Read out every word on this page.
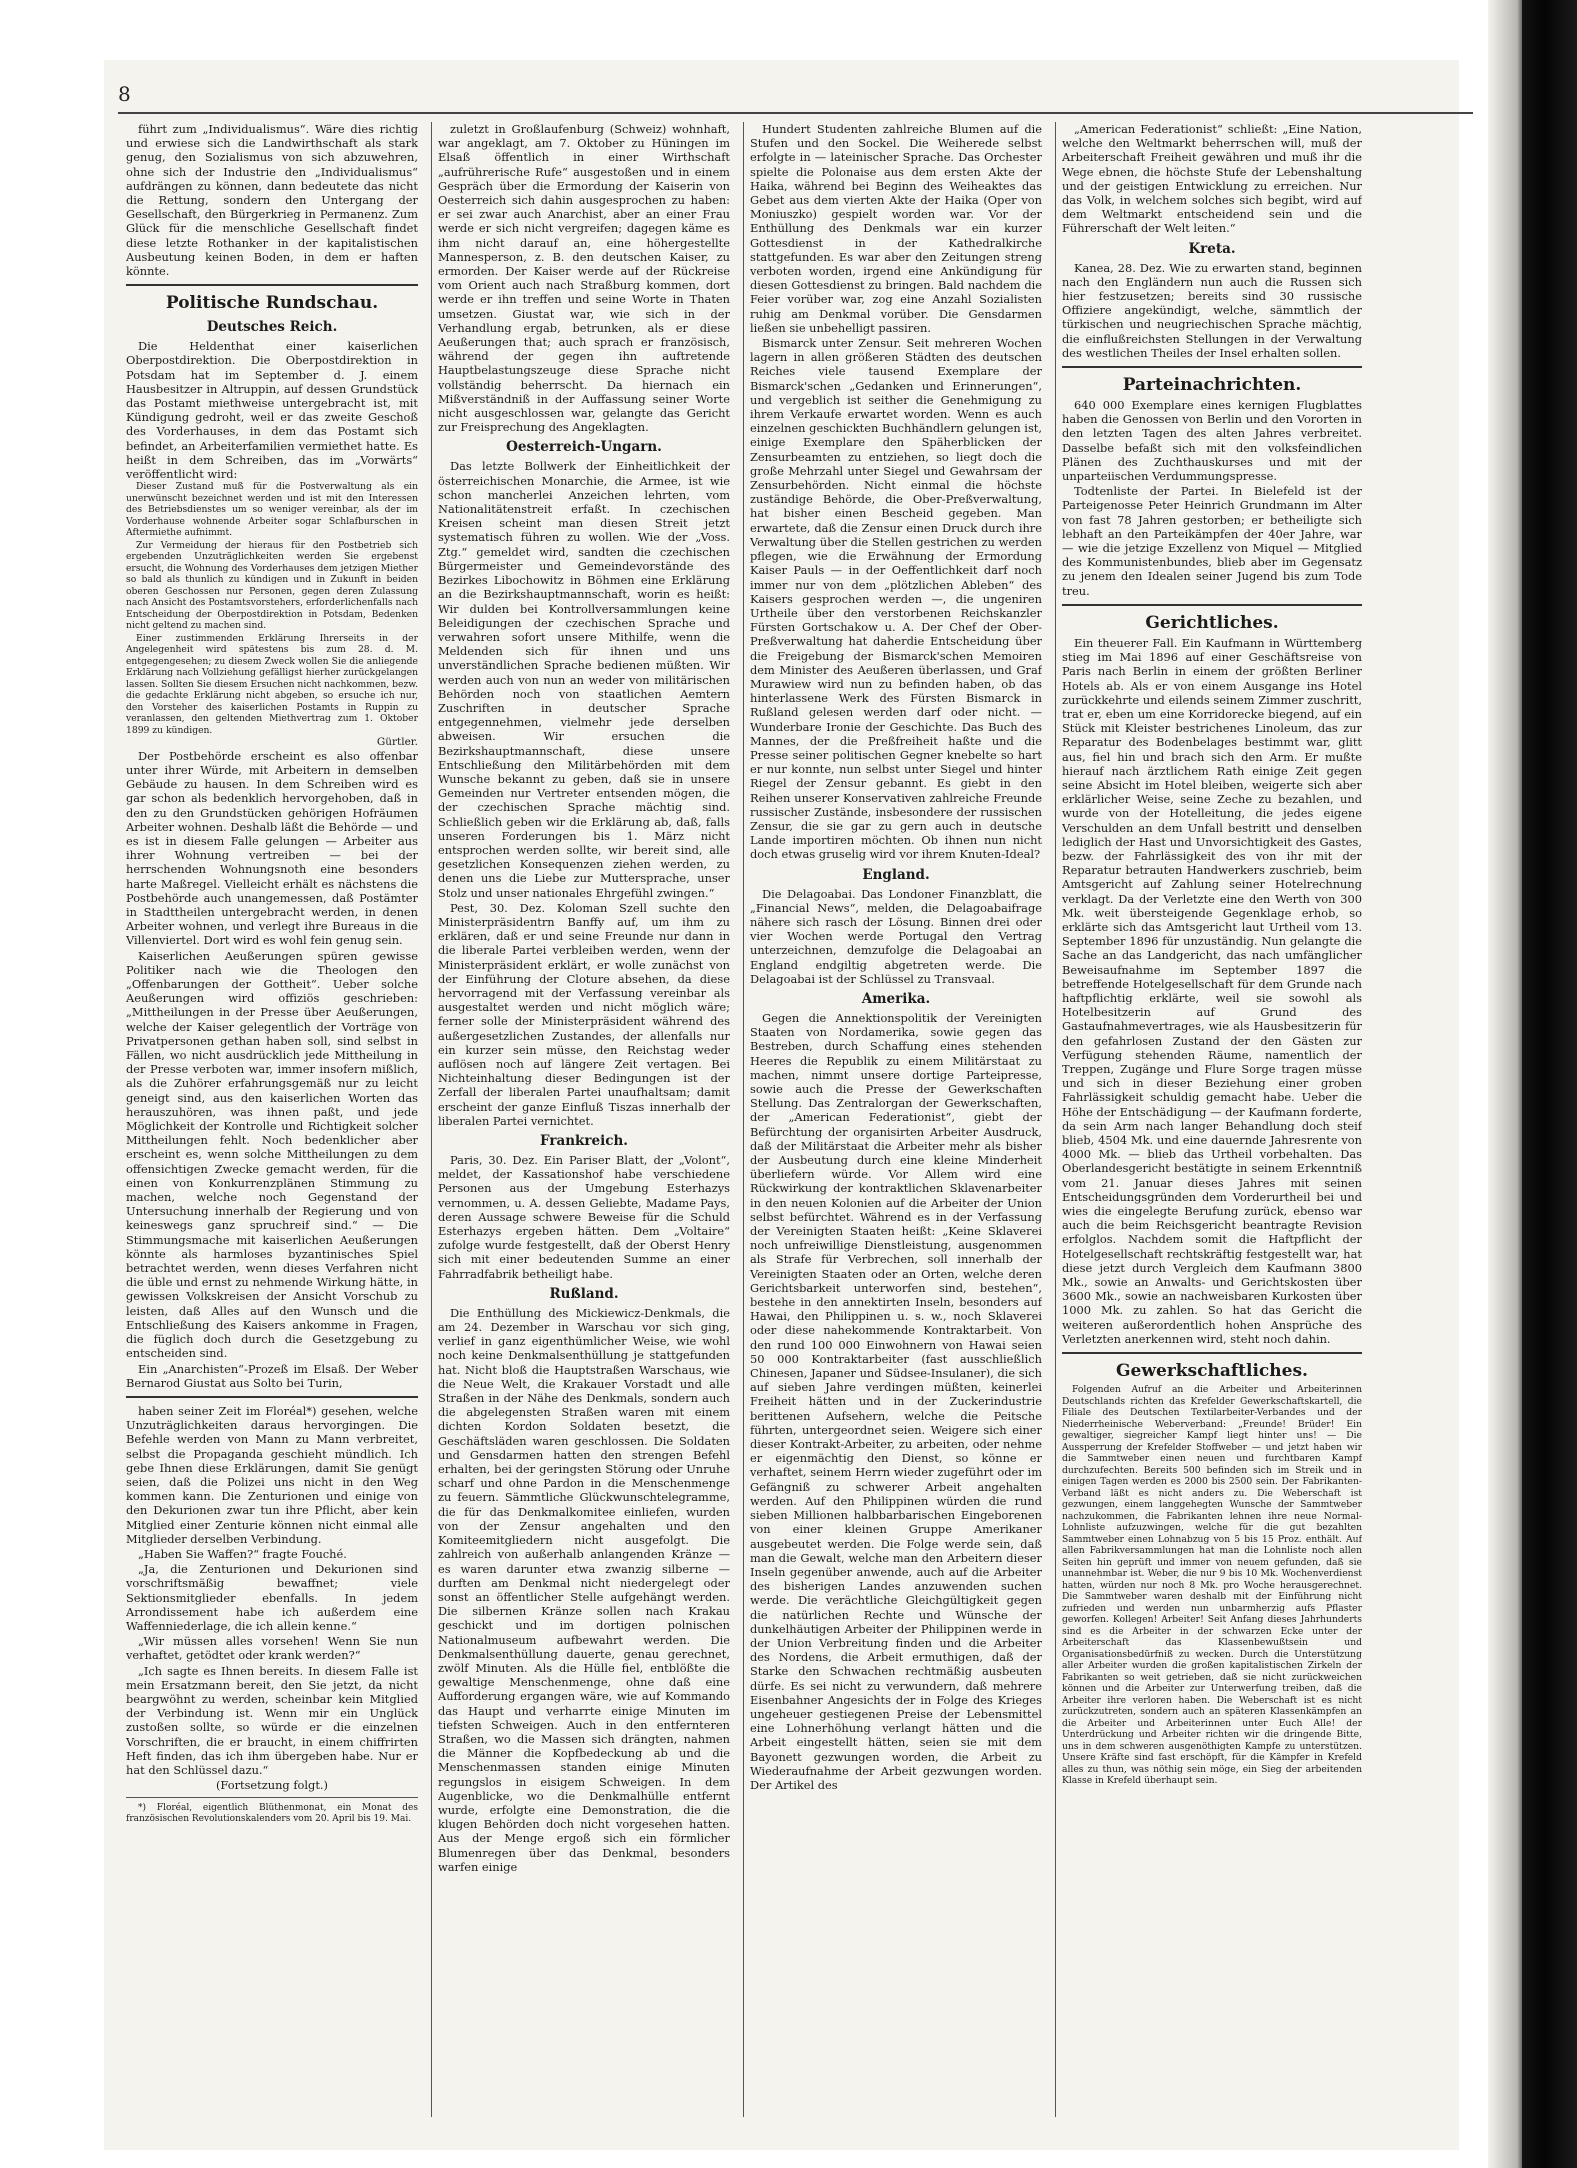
8

führt zum „Individualismus“. Wäre dies richtig und erwiese sich die Landwirthschaft als stark genug, den Sozialismus von sich abzuwehren, ohne sich der Industrie den „Individualismus“ aufdrängen zu können, dann bedeutete das nicht die Rettung, sondern den Untergang der Gesellschaft, den Bürgerkrieg in Permanenz. Zum Glück für die menschliche Gesellschaft findet diese letzte Rothanker in der kapitalistischen Ausbeutung keinen Boden, in dem er haften könnte.

Politische Rundschau.
Deutsches Reich.

Die Heldenthat einer kaiserlichen Oberpostdirektion. Die Oberpostdirektion in Potsdam hat im September d. J. einem Hausbesitzer in Altruppin, auf dessen Grundstück das Postamt miethweise untergebracht ist, mit Kündigung gedroht, weil er das zweite Geschoß des Vorderhauses, in dem das Postamt sich befindet, an Arbeiterfamilien vermiethet hatte. Es heißt in dem Schreiben, das im „Vorwärts“ veröffentlicht wird:

Dieser Zustand muß für die Postverwaltung als ein unerwünscht bezeichnet werden und ist mit den Interessen des Betriebsdienstes um so weniger vereinbar, als der im Vorderhause wohnende Arbeiter sogar Schlafburschen in Aftermiethe aufnimmt.

Zur Vermeidung der hieraus für den Postbetrieb sich ergebenden Unzuträglichkeiten werden Sie ergebenst ersucht, die Wohnung des Vorderhauses dem jetzigen Miether so bald als thunlich zu kündigen und in Zukunft in beiden oberen Geschossen nur Personen, gegen deren Zulassung nach Ansicht des Postamtsvorstehers, erforderlichenfalls nach Entscheidung der Oberpostdirektion in Potsdam, Bedenken nicht geltend zu machen sind.

Einer zustimmenden Erklärung Ihrerseits in der Angelegenheit wird spätestens bis zum 28. d. M. entgegengesehen; zu diesem Zweck wollen Sie die anliegende Erklärung nach Vollziehung gefälligst hierher zurückgelangen lassen. Sollten Sie diesem Ersuchen nicht nachkommen, bezw. die gedachte Erklärung nicht abgeben, so ersuche ich nur, den Vorsteher des kaiserlichen Postamts in Ruppin zu veranlassen, den geltenden Miethvertrag zum 1. Oktober 1899 zu kündigen.

Gürtler.

Der Postbehörde erscheint es also offenbar unter ihrer Würde, mit Arbeitern in demselben Gebäude zu hausen. In dem Schreiben wird es gar schon als bedenklich hervorgehoben, daß in den zu den Grundstücken gehörigen Hofräumen Arbeiter wohnen. Deshalb läßt die Behörde — und es ist in diesem Falle gelungen — Arbeiter aus ihrer Wohnung vertreiben — bei der herrschenden Wohnungsnoth eine besonders harte Maßregel. Vielleicht erhält es nächstens die Postbehörde auch unangemessen, daß Postämter in Stadttheilen untergebracht werden, in denen Arbeiter wohnen, und verlegt ihre Bureaus in die Villenviertel. Dort wird es wohl fein genug sein.

Kaiserlichen Aeußerungen spüren gewisse Politiker nach wie die Theologen den „Offenbarungen der Gottheit“. Ueber solche Aeußerungen wird offiziös geschrieben: „Mittheilungen in der Presse über Aeußerungen, welche der Kaiser gelegentlich der Vorträge von Privatpersonen gethan haben soll, sind selbst in Fällen, wo nicht ausdrücklich jede Mittheilung in der Presse verboten war, immer insofern mißlich, als die Zuhörer erfahrungsgemäß nur zu leicht geneigt sind, aus den kaiserlichen Worten das herauszuhören, was ihnen paßt, und jede Möglichkeit der Kontrolle und Richtigkeit solcher Mittheilungen fehlt. Noch bedenklicher aber erscheint es, wenn solche Mittheilungen zu dem offensichtigen Zwecke gemacht werden, für die einen von Konkurrenzplänen Stimmung zu machen, welche noch Gegenstand der Untersuchung innerhalb der Regierung und von keineswegs ganz spruchreif sind.“ — Die Stimmungsmache mit kaiserlichen Aeußerungen könnte als harmloses byzantinisches Spiel betrachtet werden, wenn dieses Verfahren nicht die üble und ernst zu nehmende Wirkung hätte, in gewissen Volkskreisen der Ansicht Vorschub zu leisten, daß Alles auf den Wunsch und die Entschließung des Kaisers ankomme in Fragen, die füglich doch durch die Gesetzgebung zu entscheiden sind.

Ein „Anarchisten“-Prozeß im Elsaß. Der Weber Bernarod Giustat aus Solto bei Turin,

haben seiner Zeit im Floréal*) gesehen, welche Unzuträglichkeiten daraus hervorgingen. Die Befehle werden von Mann zu Mann verbreitet, selbst die Propaganda geschieht mündlich. Ich gebe Ihnen diese Erklärungen, damit Sie genügt seien, daß die Polizei uns nicht in den Weg kommen kann. Die Zenturionen und einige von den Dekurionen zwar tun ihre Pflicht, aber kein Mitglied einer Zenturie können nicht einmal alle Mitglieder derselben Verbindung.

„Haben Sie Waffen?“ fragte Fouché.

„Ja, die Zenturionen und Dekurionen sind vorschriftsmäßig bewaffnet; viele Sektionsmitglieder ebenfalls. In jedem Arrondissement habe ich außerdem eine Waffenniederlage, die ich allein kenne.“

„Wir müssen alles vorsehen! Wenn Sie nun verhaftet, getödtet oder krank werden?“

„Ich sagte es Ihnen bereits. In diesem Falle ist mein Ersatzmann bereit, den Sie jetzt, da nicht beargwöhnt zu werden, scheinbar kein Mitglied der Verbindung ist. Wenn mir ein Unglück zustoßen sollte, so würde er die einzelnen Vorschriften, die er braucht, in einem chiffrirten Heft finden, das ich ihm übergeben habe. Nur er hat den Schlüssel dazu.“

(Fortsetzung folgt.)

*) Floréal, eigentlich Blüthenmonat, ein Monat des französischen Revolutionskalenders vom 20. April bis 19. Mai.

zuletzt in Großlaufenburg (Schweiz) wohnhaft, war angeklagt, am 7. Oktober zu Hüningen im Elsaß öffentlich in einer Wirthschaft „aufrührerische Rufe“ ausgestoßen und in einem Gespräch über die Ermordung der Kaiserin von Oesterreich sich dahin ausgesprochen zu haben: er sei zwar auch Anarchist, aber an einer Frau werde er sich nicht vergreifen; dagegen käme es ihm nicht darauf an, eine höhergestellte Mannesperson, z. B. den deutschen Kaiser, zu ermorden. Der Kaiser werde auf der Rückreise vom Orient auch nach Straßburg kommen, dort werde er ihn treffen und seine Worte in Thaten umsetzen. Giustat war, wie sich in der Verhandlung ergab, betrunken, als er diese Aeußerungen that; auch sprach er französisch, während der gegen ihn auftretende Hauptbelastungszeuge diese Sprache nicht vollständig beherrscht. Da hiernach ein Mißverständniß in der Auffassung seiner Worte nicht ausgeschlossen war, gelangte das Gericht zur Freisprechung des Angeklagten.

Oesterreich-Ungarn.

Das letzte Bollwerk der Einheitlichkeit der österreichischen Monarchie, die Armee, ist wie schon mancherlei Anzeichen lehrten, vom Nationalitätenstreit erfaßt. In czechischen Kreisen scheint man diesen Streit jetzt systematisch führen zu wollen. Wie der „Voss. Ztg.“ gemeldet wird, sandten die czechischen Bürgermeister und Gemeindevorstände des Bezirkes Libochowitz in Böhmen eine Erklärung an die Bezirkshauptmannschaft, worin es heißt: Wir dulden bei Kontrollversammlungen keine Beleidigungen der czechischen Sprache und verwahren sofort unsere Mithilfe, wenn die Meldenden sich für ihnen und uns unverständlichen Sprache bedienen müßten. Wir werden auch von nun an weder von militärischen Behörden noch von staatlichen Aemtern Zuschriften in deutscher Sprache entgegennehmen, vielmehr jede derselben abweisen. Wir ersuchen die Bezirkshauptmannschaft, diese unsere Entschließung den Militärbehörden mit dem Wunsche bekannt zu geben, daß sie in unsere Gemeinden nur Vertreter entsenden mögen, die der czechischen Sprache mächtig sind. Schließlich geben wir die Erklärung ab, daß, falls unseren Forderungen bis 1. März nicht entsprochen werden sollte, wir bereit sind, alle gesetzlichen Konsequenzen ziehen werden, zu denen uns die Liebe zur Muttersprache, unser Stolz und unser nationales Ehrgefühl zwingen.“

Pest, 30. Dez. Koloman Szell suchte den Ministerpräsidentrn Banffy auf, um ihm zu erklären, daß er und seine Freunde nur dann in die liberale Partei verbleiben werden, wenn der Ministerpräsident erklärt, er wolle zunächst von der Einführung der Cloture absehen, da diese hervorragend mit der Verfassung vereinbar als ausgestaltet werden und nicht möglich wäre; ferner solle der Ministerpräsident während des außergesetzlichen Zustandes, der allenfalls nur ein kurzer sein müsse, den Reichstag weder auflösen noch auf längere Zeit vertagen. Bei Nichteinhaltung dieser Bedingungen ist der Zerfall der liberalen Partei unaufhaltsam; damit erscheint der ganze Einfluß Tiszas innerhalb der liberalen Partei vernichtet.

Frankreich.

Paris, 30. Dez. Ein Pariser Blatt, der „Volont“, meldet, der Kassationshof habe verschiedene Personen aus der Umgebung Esterhazys vernommen, u. A. dessen Geliebte, Madame Pays, deren Aussage schwere Beweise für die Schuld Esterhazys ergeben hätten. Dem „Voltaire“ zufolge wurde festgestellt, daß der Oberst Henry sich mit einer bedeutenden Summe an einer Fahrradfabrik betheiligt habe.

Rußland.

Die Enthüllung des Mickiewicz-Denkmals, die am 24. Dezember in Warschau vor sich ging, verlief in ganz eigenthümlicher Weise, wie wohl noch keine Denkmalsenthüllung je stattgefunden hat. Nicht bloß die Hauptstraßen Warschaus, wie die Neue Welt, die Krakauer Vorstadt und alle Straßen in der Nähe des Denkmals, sondern auch die abgelegensten Straßen waren mit einem dichten Kordon Soldaten besetzt, die Geschäftsläden waren geschlossen. Die Soldaten und Gensdarmen hatten den strengen Befehl erhalten, bei der geringsten Störung oder Unruhe scharf und ohne Pardon in die Menschenmenge zu feuern. Sämmtliche Glückwunschtelegramme, die für das Denkmalkomitee einliefen, wurden von der Zensur angehalten und den Komiteemitgliedern nicht ausgefolgt. Die zahlreich von außerhalb anlangenden Kränze — es waren darunter etwa zwanzig silberne — durften am Denkmal nicht niedergelegt oder sonst an öffentlicher Stelle aufgehängt werden. Die silbernen Kränze sollen nach Krakau geschickt und im dortigen polnischen Nationalmuseum aufbewahrt werden. Die Denkmalsenthüllung dauerte, genau gerechnet, zwölf Minuten. Als die Hülle fiel, entblößte die gewaltige Menschenmenge, ohne daß eine Aufforderung ergangen wäre, wie auf Kommando das Haupt und verharrte einige Minuten im tiefsten Schweigen. Auch in den entfernteren Straßen, wo die Massen sich drängten, nahmen die Männer die Kopfbedeckung ab und die Menschenmassen standen einige Minuten regungslos in eisigem Schweigen. In dem Augenblicke, wo die Denkmalhülle entfernt wurde, erfolgte eine Demonstration, die die klugen Behörden doch nicht vorgesehen hatten. Aus der Menge ergoß sich ein förmlicher Blumenregen über das Denkmal, besonders warfen einige

Hundert Studenten zahlreiche Blumen auf die Stufen und den Sockel. Die Weiherede selbst erfolgte in — lateinischer Sprache. Das Orchester spielte die Polonaise aus dem ersten Akte der Haika, während bei Beginn des Weiheaktes das Gebet aus dem vierten Akte der Haika (Oper von Moniuszko) gespielt worden war. Vor der Enthüllung des Denkmals war ein kurzer Gottesdienst in der Kathedralkirche stattgefunden. Es war aber den Zeitungen streng verboten worden, irgend eine Ankündigung für diesen Gottesdienst zu bringen. Bald nachdem die Feier vorüber war, zog eine Anzahl Sozialisten ruhig am Denkmal vorüber. Die Gensdarmen ließen sie unbehelligt passiren.

Bismarck unter Zensur. Seit mehreren Wochen lagern in allen größeren Städten des deutschen Reiches viele tausend Exemplare der Bismarck'schen „Gedanken und Erinnerungen“, und vergeblich ist seither die Genehmigung zu ihrem Verkaufe erwartet worden. Wenn es auch einzelnen geschickten Buchhändlern gelungen ist, einige Exemplare den Späherblicken der Zensurbeamten zu entziehen, so liegt doch die große Mehrzahl unter Siegel und Gewahrsam der Zensurbehörden. Nicht einmal die höchste zuständige Behörde, die Ober-Preßverwaltung, hat bisher einen Bescheid gegeben. Man erwartete, daß die Zensur einen Druck durch ihre Verwaltung über die Stellen gestrichen zu werden pflegen, wie die Erwähnung der Ermordung Kaiser Pauls — in der Oeffentlichkeit darf noch immer nur von dem „plötzlichen Ableben“ des Kaisers gesprochen werden —, die ungeniren Urtheile über den verstorbenen Reichskanzler Fürsten Gortschakow u. A. Der Chef der Ober-Preßverwaltung hat daherdie Entscheidung über die Freigebung der Bismarck'schen Memoiren dem Minister des Aeußeren überlassen, und Graf Murawiew wird nun zu befinden haben, ob das hinterlassene Werk des Fürsten Bismarck in Rußland gelesen werden darf oder nicht. — Wunderbare Ironie der Geschichte. Das Buch des Mannes, der die Preßfreiheit haßte und die Presse seiner politischen Gegner knebelte so hart er nur konnte, nun selbst unter Siegel und hinter Riegel der Zensur gebannt. Es giebt in den Reihen unserer Konservativen zahlreiche Freunde russischer Zustände, insbesondere der russischen Zensur, die sie gar zu gern auch in deutsche Lande importiren möchten. Ob ihnen nun nicht doch etwas gruselig wird vor ihrem Knuten-Ideal?

England.

Die Delagoabai. Das Londoner Finanzblatt, die „Financial News“, melden, die Delagoabaifrage nähere sich rasch der Lösung. Binnen drei oder vier Wochen werde Portugal den Vertrag unterzeichnen, demzufolge die Delagoabai an England endgiltig abgetreten werde. Die Delagoabai ist der Schlüssel zu Transvaal.

Amerika.

Gegen die Annektionspolitik der Vereinigten Staaten von Nordamerika, sowie gegen das Bestreben, durch Schaffung eines stehenden Heeres die Republik zu einem Militärstaat zu machen, nimmt unsere dortige Parteipresse, sowie auch die Presse der Gewerkschaften Stellung. Das Zentralorgan der Gewerkschaften, der „American Federationist“, giebt der Befürchtung der organisirten Arbeiter Ausdruck, daß der Militärstaat die Arbeiter mehr als bisher der Ausbeutung durch eine kleine Minderheit überliefern würde. Vor Allem wird eine Rückwirkung der kontraktlichen Sklavenarbeiter in den neuen Kolonien auf die Arbeiter der Union selbst befürchtet. Während es in der Verfassung der Vereinigten Staaten heißt: „Keine Sklaverei noch unfreiwillige Dienstleistung, ausgenommen als Strafe für Verbrechen, soll innerhalb der Vereinigten Staaten oder an Orten, welche deren Gerichtsbarkeit unterworfen sind, bestehen“, bestehe in den annektirten Inseln, besonders auf Hawai, den Philippinen u. s. w., noch Sklaverei oder diese nahekommende Kontraktarbeit. Von den rund 100 000 Einwohnern von Hawai seien 50 000 Kontraktarbeiter (fast ausschließlich Chinesen, Japaner und Südsee-Insulaner), die sich auf sieben Jahre verdingen müßten, keinerlei Freiheit hätten und in der Zuckerindustrie berittenen Aufsehern, welche die Peitsche führten, untergeordnet seien. Weigere sich einer dieser Kontrakt-Arbeiter, zu arbeiten, oder nehme er eigenmächtig den Dienst, so könne er verhaftet, seinem Herrn wieder zugeführt oder im Gefängniß zu schwerer Arbeit angehalten werden. Auf den Philippinen würden die rund sieben Millionen halbbarbarischen Eingeborenen von einer kleinen Gruppe Amerikaner ausgebeutet werden. Die Folge werde sein, daß man die Gewalt, welche man den Arbeitern dieser Inseln gegenüber anwende, auch auf die Arbeiter des bisherigen Landes anzuwenden suchen werde. Die verächtliche Gleichgültigkeit gegen die natürlichen Rechte und Wünsche der dunkelhäutigen Arbeiter der Philippinen werde in der Union Verbreitung finden und die Arbeiter des Nordens, die Arbeit ermuthigen, daß der Starke den Schwachen rechtmäßig ausbeuten dürfe. Es sei nicht zu verwundern, daß mehrere Eisenbahner Angesichts der in Folge des Krieges ungeheuer gestiegenen Preise der Lebensmittel eine Lohnerhöhung verlangt hätten und die Arbeit eingestellt hätten, seien sie mit dem Bayonett gezwungen worden, die Arbeit zu Wiederaufnahme der Arbeit gezwungen worden. Der Artikel des

„American Federationist“ schließt: „Eine Nation, welche den Weltmarkt beherrschen will, muß der Arbeiterschaft Freiheit gewähren und muß ihr die Wege ebnen, die höchste Stufe der Lebenshaltung und der geistigen Entwicklung zu erreichen. Nur das Volk, in welchem solches sich begibt, wird auf dem Weltmarkt entscheidend sein und die Führerschaft der Welt leiten.“

Kreta.

Kanea, 28. Dez. Wie zu erwarten stand, beginnen nach den Engländern nun auch die Russen sich hier festzusetzen; bereits sind 30 russische Offiziere angekündigt, welche, sämmtlich der türkischen und neugriechischen Sprache mächtig, die einflußreichsten Stellungen in der Verwaltung des westlichen Theiles der Insel erhalten sollen.

Parteinachrichten.

640 000 Exemplare eines kernigen Flugblattes haben die Genossen von Berlin und den Vororten in den letzten Tagen des alten Jahres verbreitet. Dasselbe befaßt sich mit den volksfeindlichen Plänen des Zuchthauskurses und mit der unparteiischen Verdummungspresse.

Todtenliste der Partei. In Bielefeld ist der Parteigenosse Peter Heinrich Grundmann im Alter von fast 78 Jahren gestorben; er betheiligte sich lebhaft an den Parteikämpfen der 40er Jahre, war — wie die jetzige Exzellenz von Miquel — Mitglied des Kommunistenbundes, blieb aber im Gegensatz zu jenem den Idealen seiner Jugend bis zum Tode treu.

Gerichtliches.

Ein theuerer Fall. Ein Kaufmann in Württemberg stieg im Mai 1896 auf einer Geschäftsreise von Paris nach Berlin in einem der größten Berliner Hotels ab. Als er von einem Ausgange ins Hotel zurückkehrte und eilends seinem Zimmer zuschritt, trat er, eben um eine Korridorecke biegend, auf ein Stück mit Kleister bestrichenes Linoleum, das zur Reparatur des Bodenbelages bestimmt war, glitt aus, fiel hin und brach sich den Arm. Er mußte hierauf nach ärztlichem Rath einige Zeit gegen seine Absicht im Hotel bleiben, weigerte sich aber erklärlicher Weise, seine Zeche zu bezahlen, und wurde von der Hotelleitung, die jedes eigene Verschulden an dem Unfall bestritt und denselben lediglich der Hast und Unvorsichtigkeit des Gastes, bezw. der Fahrlässigkeit des von ihr mit der Reparatur betrauten Handwerkers zuschrieb, beim Amtsgericht auf Zahlung seiner Hotelrechnung verklagt. Da der Verletzte eine den Werth von 300 Mk. weit übersteigende Gegenklage erhob, so erklärte sich das Amtsgericht laut Urtheil vom 13. September 1896 für unzuständig. Nun gelangte die Sache an das Landgericht, das nach umfänglicher Beweisaufnahme im September 1897 die betreffende Hotelgesellschaft für dem Grunde nach haftpflichtig erklärte, weil sie sowohl als Hotelbesitzerin auf Grund des Gastaufnahmevertrages, wie als Hausbesitzerin für den gefahrlosen Zustand der den Gästen zur Verfügung stehenden Räume, namentlich der Treppen, Zugänge und Flure Sorge tragen müsse und sich in dieser Beziehung einer groben Fahrlässigkeit schuldig gemacht habe. Ueber die Höhe der Entschädigung — der Kaufmann forderte, da sein Arm nach langer Behandlung doch steif blieb, 4504 Mk. und eine dauernde Jahresrente von 4000 Mk. — blieb das Urtheil vorbehalten. Das Oberlandesgericht bestätigte in seinem Erkenntniß vom 21. Januar dieses Jahres mit seinen Entscheidungsgründen dem Vorderurtheil bei und wies die eingelegte Berufung zurück, ebenso war auch die beim Reichsgericht beantragte Revision erfolglos. Nachdem somit die Haftpflicht der Hotelgesellschaft rechtskräftig festgestellt war, hat diese jetzt durch Vergleich dem Kaufmann 3800 Mk., sowie an Anwalts- und Gerichtskosten über 3600 Mk., sowie an nachweisbaren Kurkosten über 1000 Mk. zu zahlen. So hat das Gericht die weiteren außerordentlich hohen Ansprüche des Verletzten anerkennen wird, steht noch dahin.

Gewerkschaftliches.

Folgenden Aufruf an die Arbeiter und Arbeiterinnen Deutschlands richten das Krefelder Gewerkschaftskartell, die Filiale des Deutschen Textilarbeiter-Verbandes und der Niederrheinische Weberverband: „Freunde! Brüder! Ein gewaltiger, siegreicher Kampf liegt hinter uns! — Die Aussperrung der Krefelder Stoffweber — und jetzt haben wir die Sammtweber einen neuen und furchtbaren Kampf durchzufechten. Bereits 500 befinden sich im Streik und in einigen Tagen werden es 2000 bis 2500 sein. Der Fabrikanten-Verband läßt es nicht anders zu. Die Weberschaft ist gezwungen, einem langgehegten Wunsche der Sammtweber nachzukommen, die Fabrikanten lehnen ihre neue Normal-Lohnliste aufzuzwingen, welche für die gut bezahlten Sammtweber einen Lohnabzug von 5 bis 15 Proz. enthält. Auf allen Fabrikversammlungen hat man die Lohnliste noch allen Seiten hin geprüft und immer von neuem gefunden, daß sie unannehmbar ist. Weber, die nur 9 bis 10 Mk. Wochenverdienst hatten, würden nur noch 8 Mk. pro Woche herausgerechnet. Die Sammtweber waren deshalb mit der Einführung nicht zufrieden und werden nun unbarmherzig aufs Pflaster geworfen. Kollegen! Arbeiter! Seit Anfang dieses Jahrhunderts sind es die Arbeiter in der schwarzen Ecke unter der Arbeiterschaft das Klassenbewußtsein und Organisationsbedürfniß zu wecken. Durch die Unterstützung aller Arbeiter wurden die großen kapitalistischen Zirkeln der Fabrikanten so weit getrieben, daß sie nicht zurückweichen können und die Arbeiter zur Unterwerfung treiben, daß die Arbeiter ihre verloren haben. Die Weberschaft ist es nicht zurückzutreten, sondern auch an späteren Klassenkämpfen an die Arbeiter und Arbeiterinnen unter Euch Alle! der Unterdrückung und Arbeiter richten wir die dringende Bitte, uns in dem schweren ausgenöthigten Kampfe zu unterstützen. Unsere Kräfte sind fast erschöpft, für die Kämpfer in Krefeld alles zu thun, was nöthig sein möge, ein Sieg der arbeitenden Klasse in Krefeld überhaupt sein.
